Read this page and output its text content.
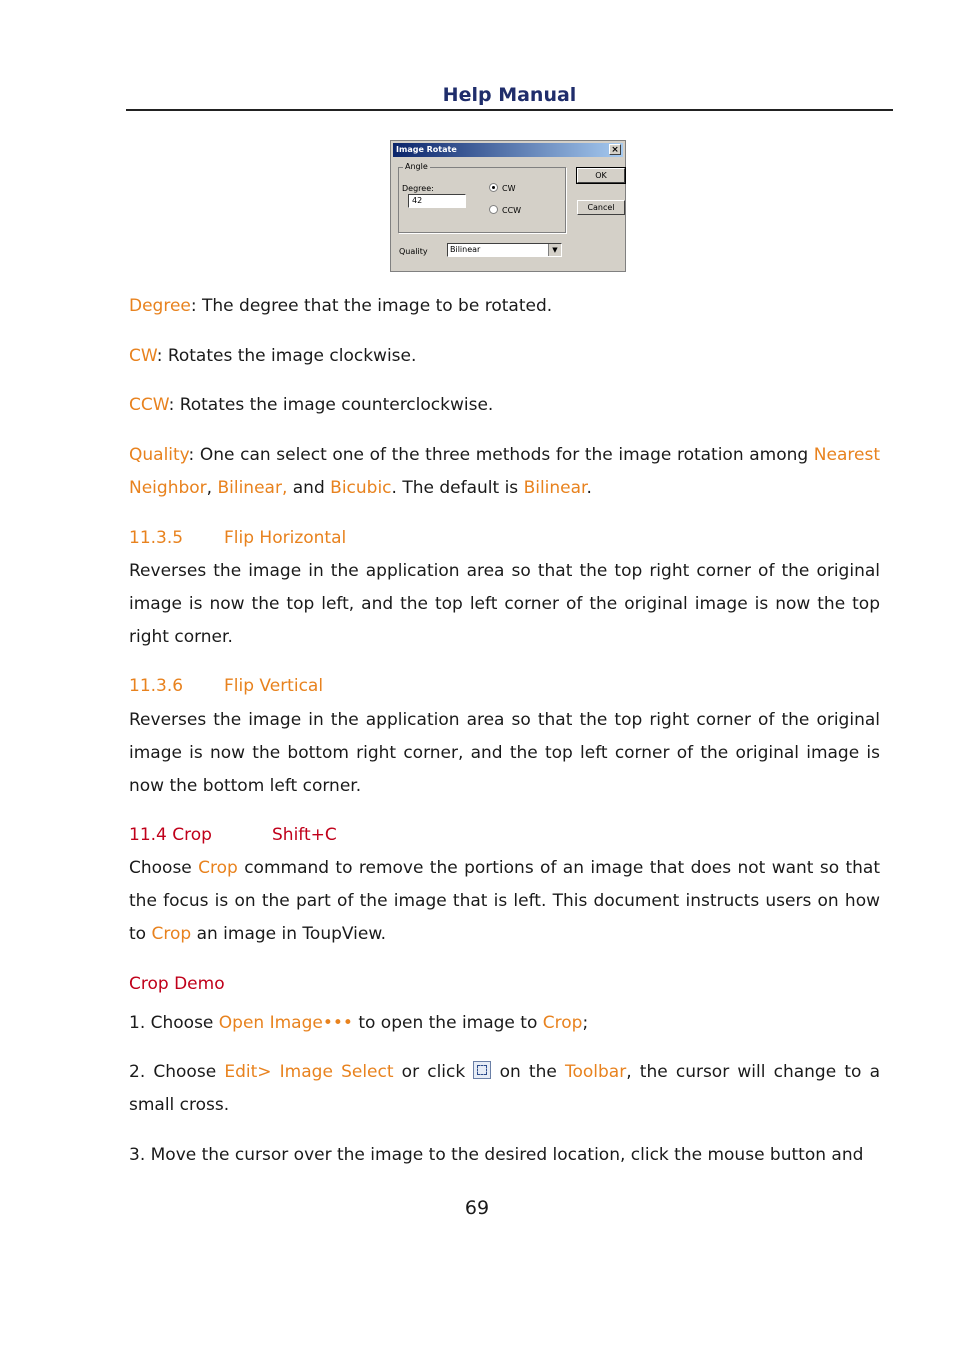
Help Manual
Image Rotate	×
Angle
Degree:
42
CW
CCW
OK
Cancel
Quality	Bilinear	▼

Degree: The degree that the image to be rotated.

CW: Rotates the image clockwise.

CCW: Rotates the image counterclockwise.

Quality: One can select one of the three methods for the image rotation among Nearest Neighbor, Bilinear, and Bicubic. The default is Bilinear.

11.3.5 Flip Horizontal

Reverses the image in the application area so that the top right corner of the original image is now the top left, and the top left corner of the original image is now the top right corner.

11.3.6 Flip Vertical

Reverses the image in the application area so that the top right corner of the original image is now the bottom right corner, and the top left corner of the original image is now the bottom left corner.

11.4 Crop	Shift+C

Choose Crop command to remove the portions of an image that does not want so that the focus is on the part of the image that is left. This document instructs users on how to Crop an image in ToupView.

Crop Demo

1. Choose Open Image••• to open the image to Crop;

2. Choose Edit> Image Select or click  on the Toolbar, the cursor will change to a small cross.

3. Move the cursor over the image to the desired location, click the mouse button and

69
